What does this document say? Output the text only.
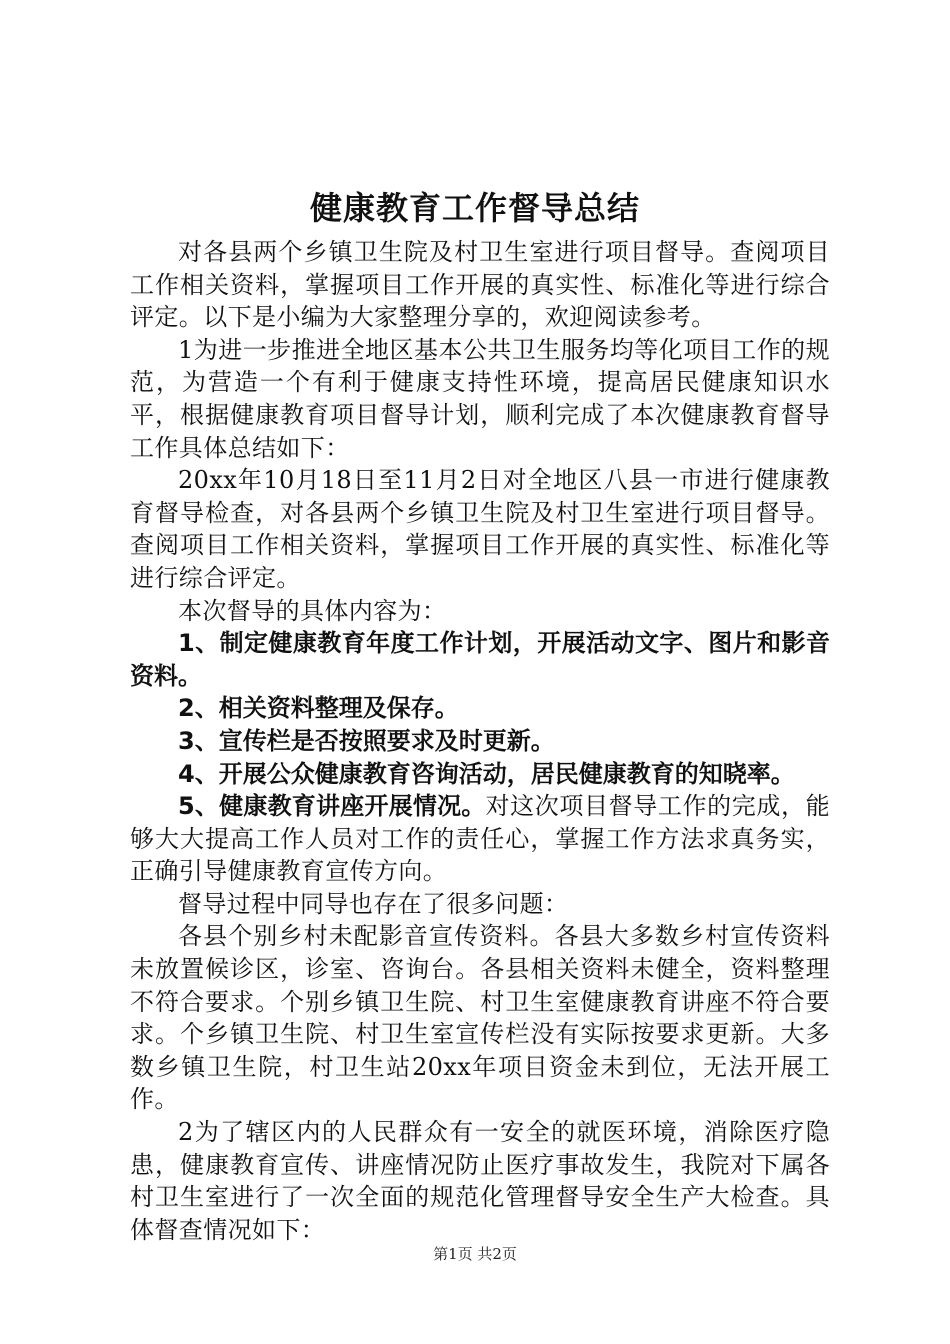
健康教育工作督导总结

对各县两个乡镇卫生院及村卫生室进行项目督导。查阅项目工作相关资料，掌握项目工作开展的真实性、标准化等进行综合评定。以下是小编为大家整理分享的，欢迎阅读参考。

1为进一步推进全地区基本公共卫生服务均等化项目工作的规范，为营造一个有利于健康支持性环境，提高居民健康知识水平，根据健康教育项目督导计划，顺利完成了本次健康教育督导工作具体总结如下：

20xx年10月18日至11月2日对全地区八县一市进行健康教育督导检查，对各县两个乡镇卫生院及村卫生室进行项目督导。查阅项目工作相关资料，掌握项目工作开展的真实性、标准化等进行综合评定。

本次督导的具体内容为：

1、制定健康教育年度工作计划，开展活动文字、图片和影音资料。

2、相关资料整理及保存。

3、宣传栏是否按照要求及时更新。

4、开展公众健康教育咨询活动，居民健康教育的知晓率。

5、健康教育讲座开展情况。对这次项目督导工作的完成，能够大大提高工作人员对工作的责任心，掌握工作方法求真务实，正确引导健康教育宣传方向。

督导过程中同导也存在了很多问题：

各县个别乡村未配影音宣传资料。各县大多数乡村宣传资料未放置候诊区，诊室、咨询台。各县相关资料未健全，资料整理不符合要求。个别乡镇卫生院、村卫生室健康教育讲座不符合要求。个乡镇卫生院、村卫生室宣传栏没有实际按要求更新。大多数乡镇卫生院，村卫生站20xx年项目资金未到位，无法开展工作。

2为了辖区内的人民群众有一安全的就医环境，消除医疗隐患，健康教育宣传、讲座情况防止医疗事故发生，我院对下属各村卫生室进行了一次全面的规范化管理督导安全生产大检查。具体督查情况如下：

第1页 共2页
